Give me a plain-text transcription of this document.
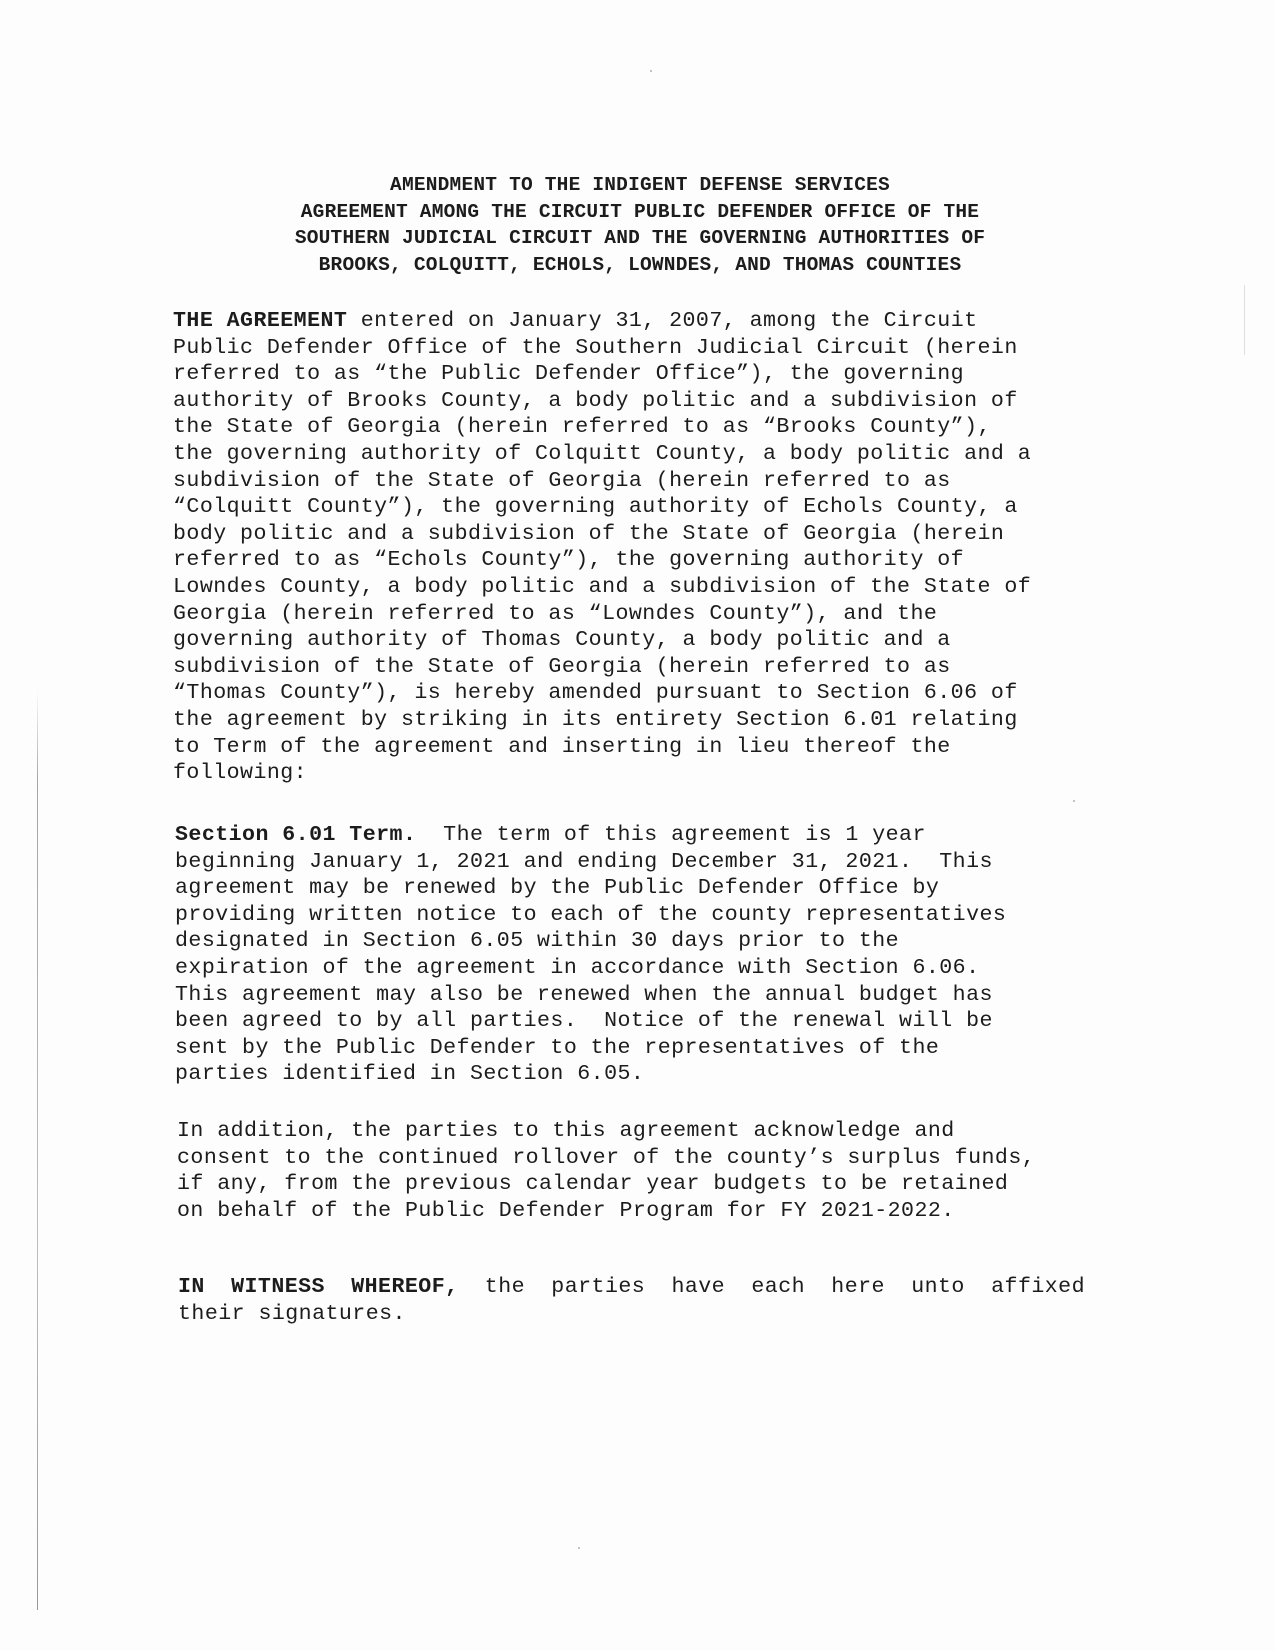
AMENDMENT TO THE INDIGENT DEFENSE SERVICES
AGREEMENT AMONG THE CIRCUIT PUBLIC DEFENDER OFFICE OF THE
SOUTHERN JUDICIAL CIRCUIT AND THE GOVERNING AUTHORITIES OF
BROOKS, COLQUITT, ECHOLS, LOWNDES, AND THOMAS COUNTIES
THE AGREEMENT entered on January 31, 2007, among the Circuit
Public Defender Office of the Southern Judicial Circuit (herein
referred to as “the Public Defender Office”), the governing
authority of Brooks County, a body politic and a subdivision of
the State of Georgia (herein referred to as “Brooks County”),
the governing authority of Colquitt County, a body politic and a
subdivision of the State of Georgia (herein referred to as
“Colquitt County”), the governing authority of Echols County, a
body politic and a subdivision of the State of Georgia (herein
referred to as “Echols County”), the governing authority of
Lowndes County, a body politic and a subdivision of the State of
Georgia (herein referred to as “Lowndes County”), and the
governing authority of Thomas County, a body politic and a
subdivision of the State of Georgia (herein referred to as
“Thomas County”), is hereby amended pursuant to Section 6.06 of
the agreement by striking in its entirety Section 6.01 relating
to Term of the agreement and inserting in lieu thereof the
following:
Section 6.01 Term.  The term of this agreement is 1 year
beginning January 1, 2021 and ending December 31, 2021.  This
agreement may be renewed by the Public Defender Office by
providing written notice to each of the county representatives
designated in Section 6.05 within 30 days prior to the
expiration of the agreement in accordance with Section 6.06.
This agreement may also be renewed when the annual budget has
been agreed to by all parties.  Notice of the renewal will be
sent by the Public Defender to the representatives of the
parties identified in Section 6.05.
In addition, the parties to this agreement acknowledge and
consent to the continued rollover of the county’s surplus funds,
if any, from the previous calendar year budgets to be retained
on behalf of the Public Defender Program for FY 2021-2022.
IN WITNESS WHEREOF, the parties have each here unto affixed
their signatures.
